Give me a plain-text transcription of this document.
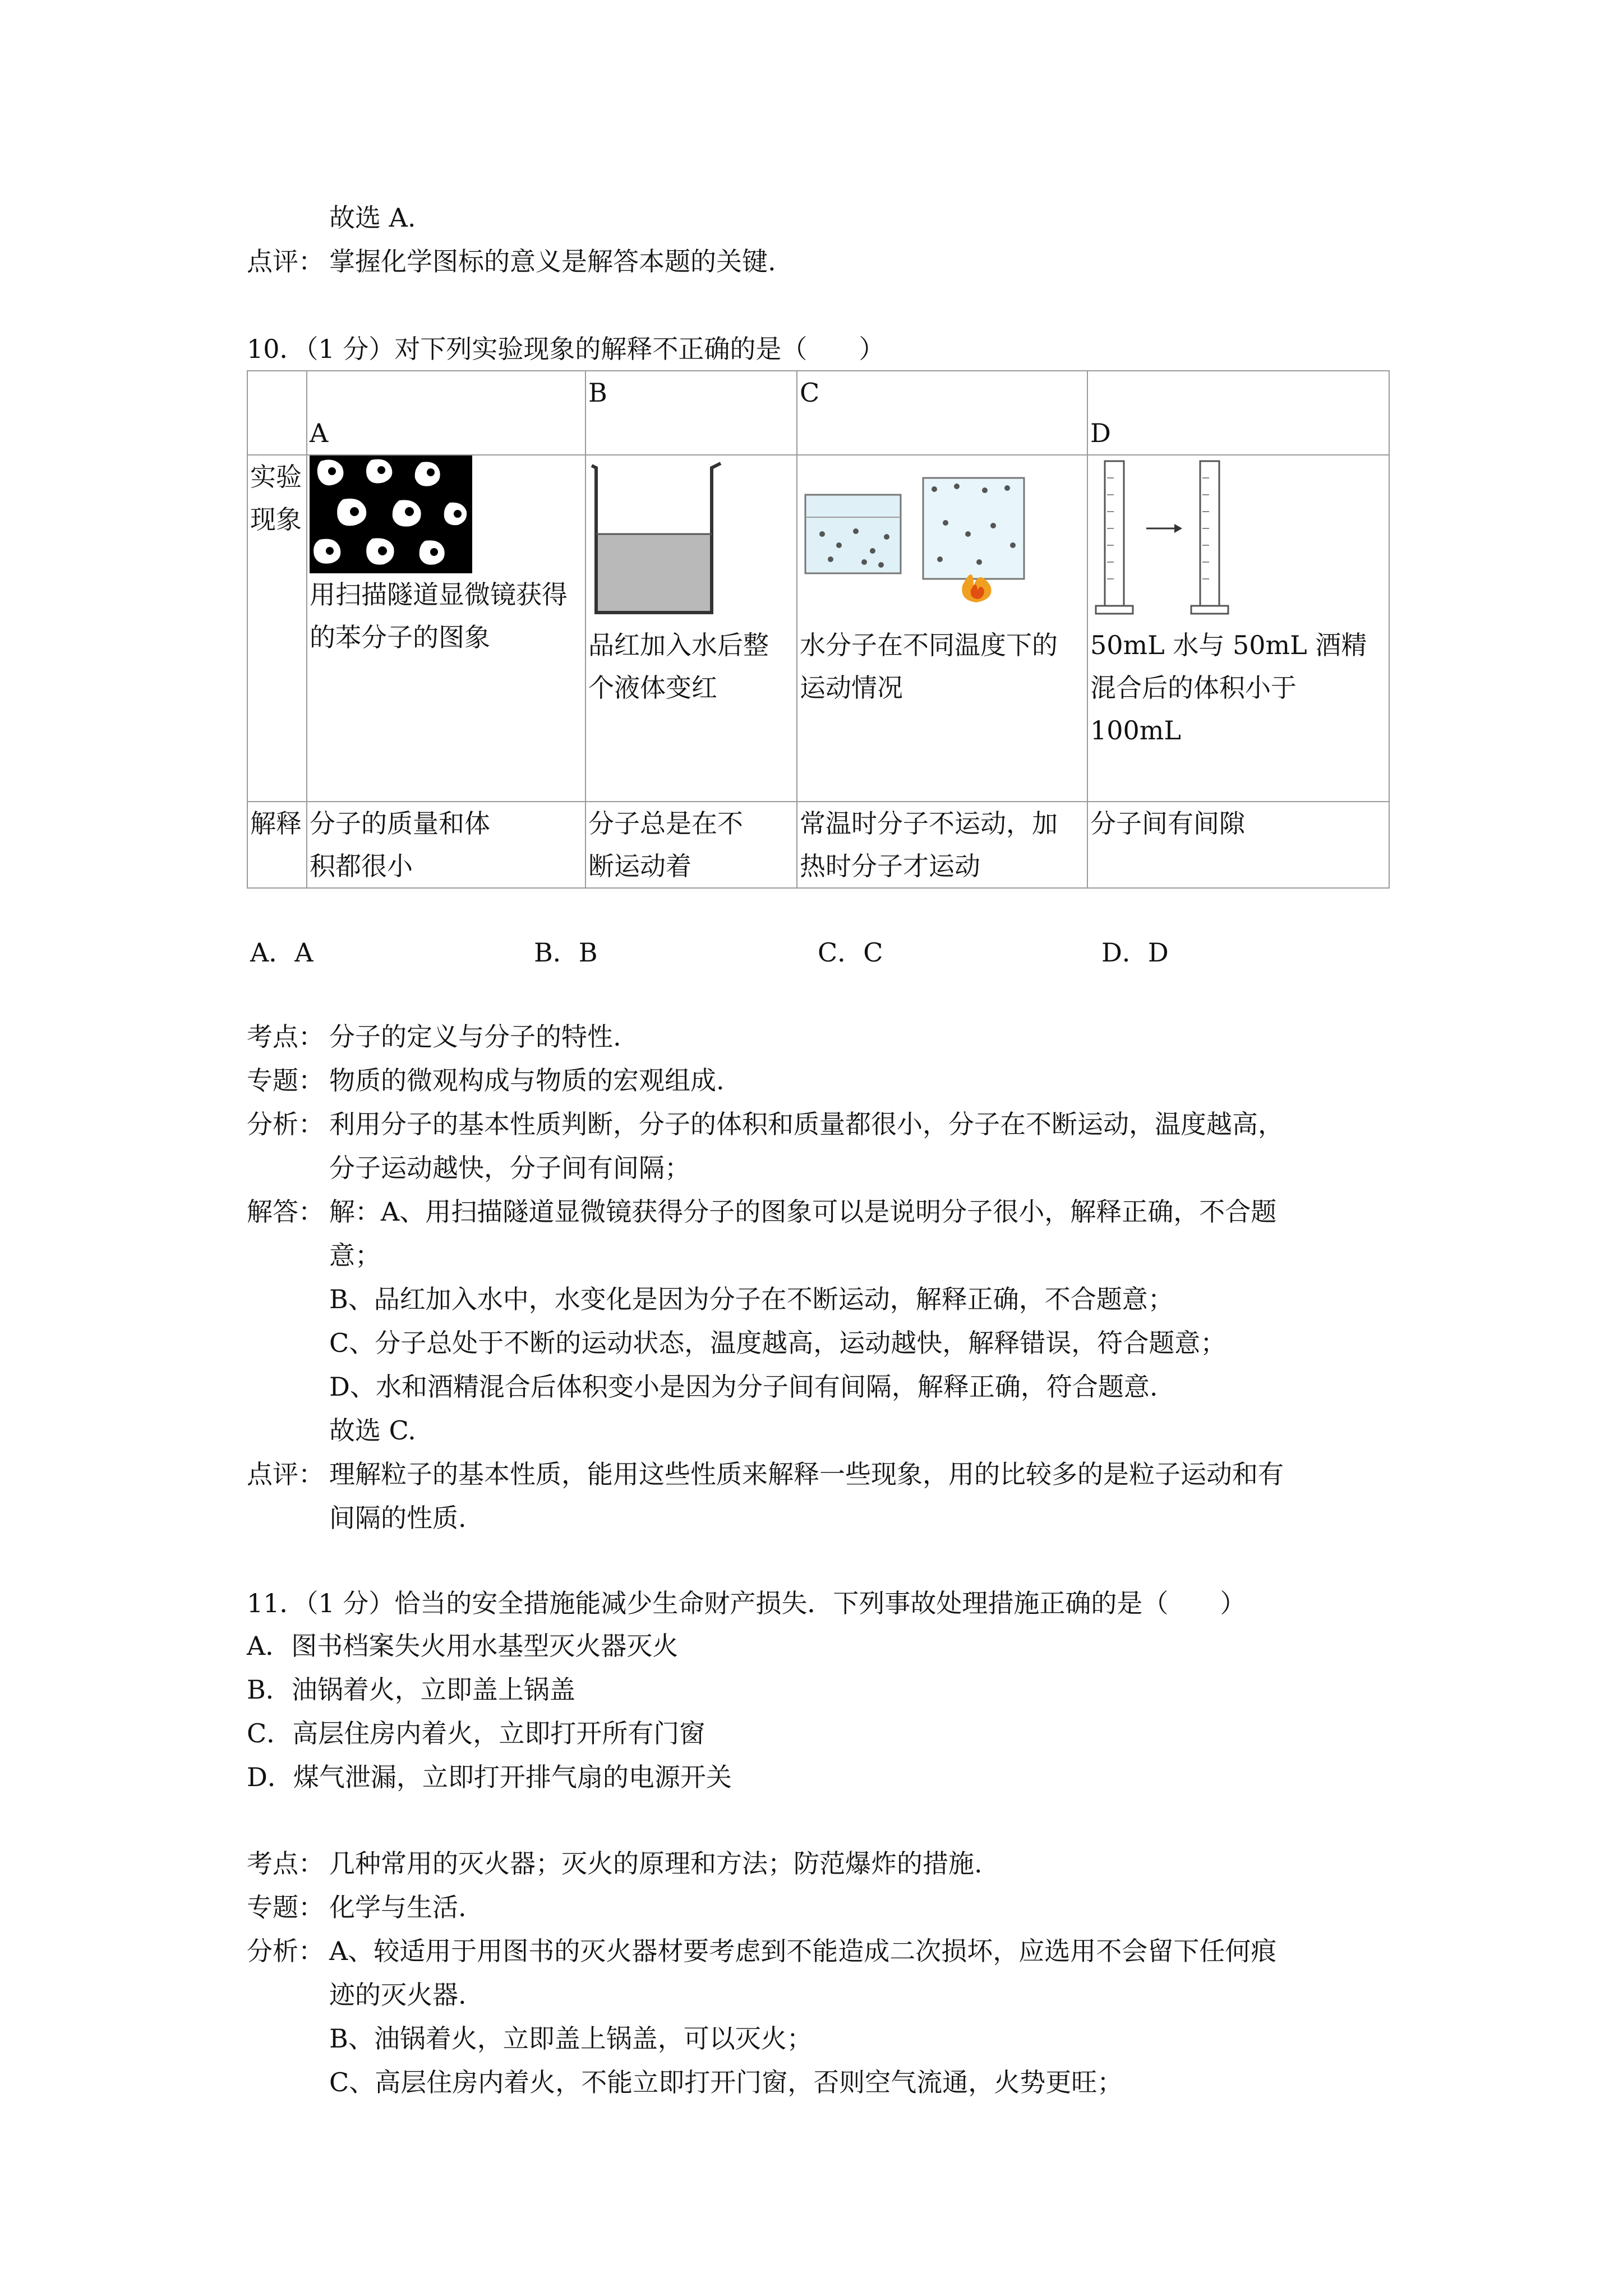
故选 A.
点评： 掌握化学图标的意义是解答本题的关键.
10．（1 分）对下列实验现象的解释不正确的是（　　）
	A	B	C	D
实验现象	用扫描隧道显微镜获得的苯分子的图象	品红加入水后整个液体变红	水分子在不同温度下的运动情况	50mL 水与 50mL 酒精混合后的体积小于 100mL

解释	分子的质量和体积都很小	分子总是在不断运动着	常温时分子不运动，加热时分子才运动	分子间有间隙
A．A	B．B	C．C	D．D
考点： 分子的定义与分子的特性.
专题： 物质的微观构成与物质的宏观组成.
分析： 利用分子的基本性质判断，分子的体积和质量都很小，分子在不断运动，温度越高，
分子运动越快，分子间有间隔；
解答： 解：A、用扫描隧道显微镜获得分子的图象可以是说明分子很小，解释正确，不合题
意；
B、品红加入水中，水变化是因为分子在不断运动，解释正确，不合题意；
C、分子总处于不断的运动状态，温度越高，运动越快，解释错误，符合题意；
D、水和酒精混合后体积变小是因为分子间有间隔，解释正确，符合题意.
故选 C.
点评： 理解粒子的基本性质，能用这些性质来解释一些现象，用的比较多的是粒子运动和有
间隔的性质.
11．（1 分）恰当的安全措施能减少生命财产损失．下列事故处理措施正确的是（　　）
A．图书档案失火用水基型灭火器灭火
B．油锅着火，立即盖上锅盖
C．高层住房内着火，立即打开所有门窗
D．煤气泄漏，立即打开排气扇的电源开关
考点： 几种常用的灭火器；灭火的原理和方法；防范爆炸的措施.
专题： 化学与生活.
分析： A、较适用于用图书的灭火器材要考虑到不能造成二次损坏，应选用不会留下任何痕
迹的灭火器.
B、油锅着火，立即盖上锅盖，可以灭火；
C、高层住房内着火，不能立即打开门窗，否则空气流通，火势更旺；
